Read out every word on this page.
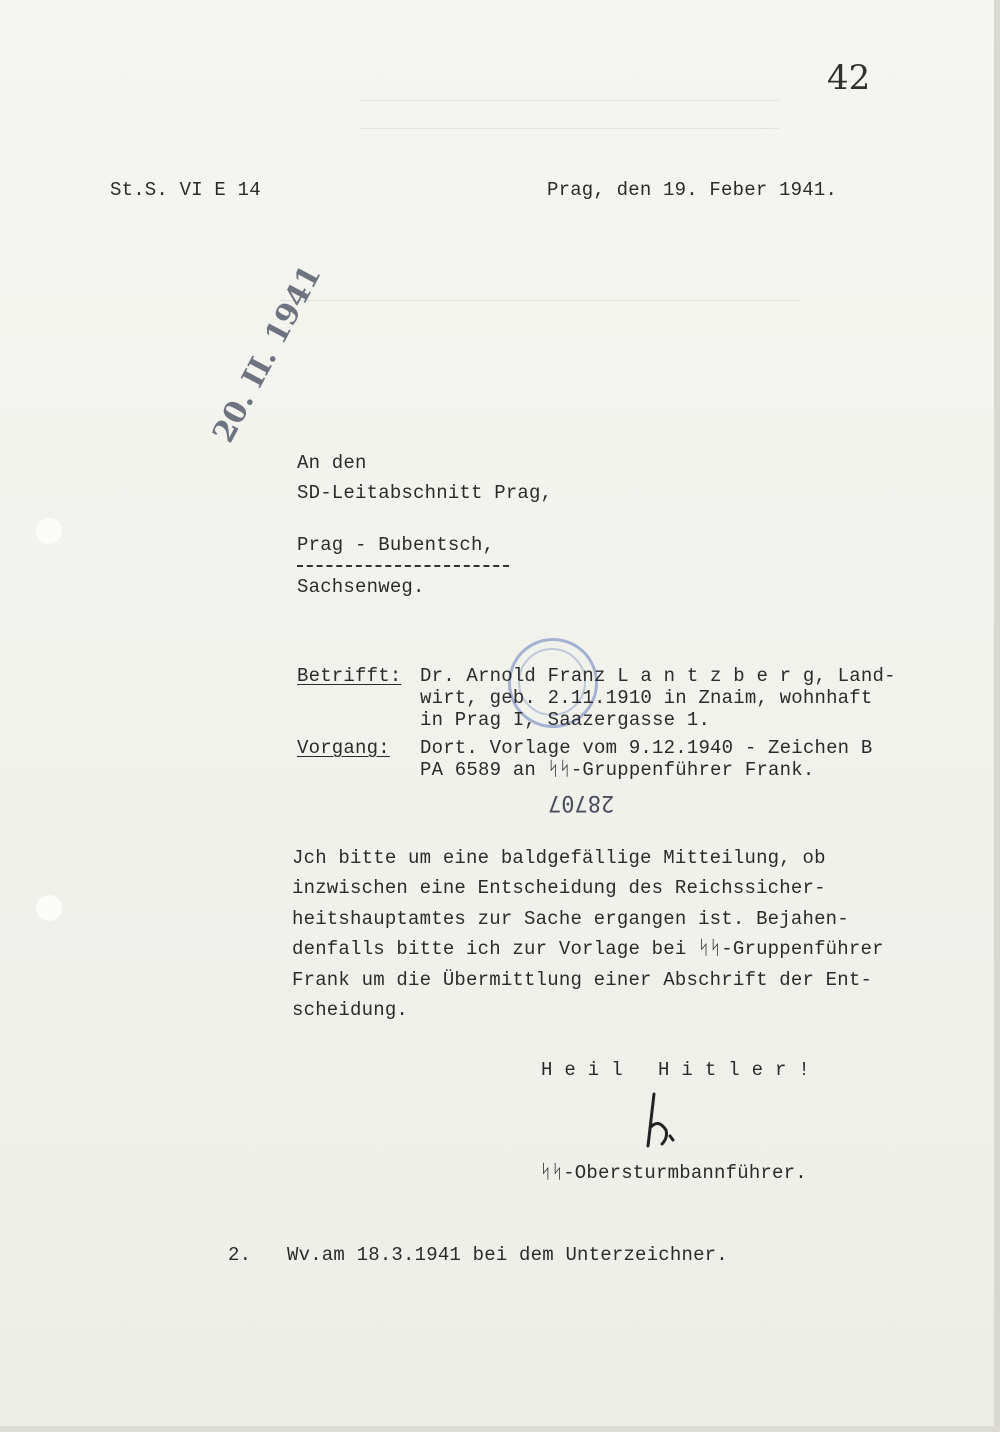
42
St.S. VI E 14	Prag, den 19. Feber 1941.
20. II. 1941
An den
SD-Leitabschnitt Prag,
Prag - Bubentsch,
Sachsenweg.
Betrifft: Dr. Arnold Franz L a n t z b e r g, Land-
wirt, geb. 2.11.1910 in Znaim, wohnhaft
in Prag I, Saazergasse 1.
Vorgang: Dort. Vorlage vom 9.12.1940 - Zeichen B
PA 6589 an ᛋᛋ-Gruppenführer Frank.
28707
Jch bitte um eine baldgefällige Mitteilung, ob
inzwischen eine Entscheidung des Reichssicher-
heitshauptamtes zur Sache ergangen ist. Bejahen-
denfalls bitte ich zur Vorlage bei ᛋᛋ-Gruppenführer
Frank um die Übermittlung einer Abschrift der Ent-
scheidung.
Heil Hitler!
ᛋᛋ-Obersturmbannführer.
2. Wv.am 18.3.1941 bei dem Unterzeichner.
